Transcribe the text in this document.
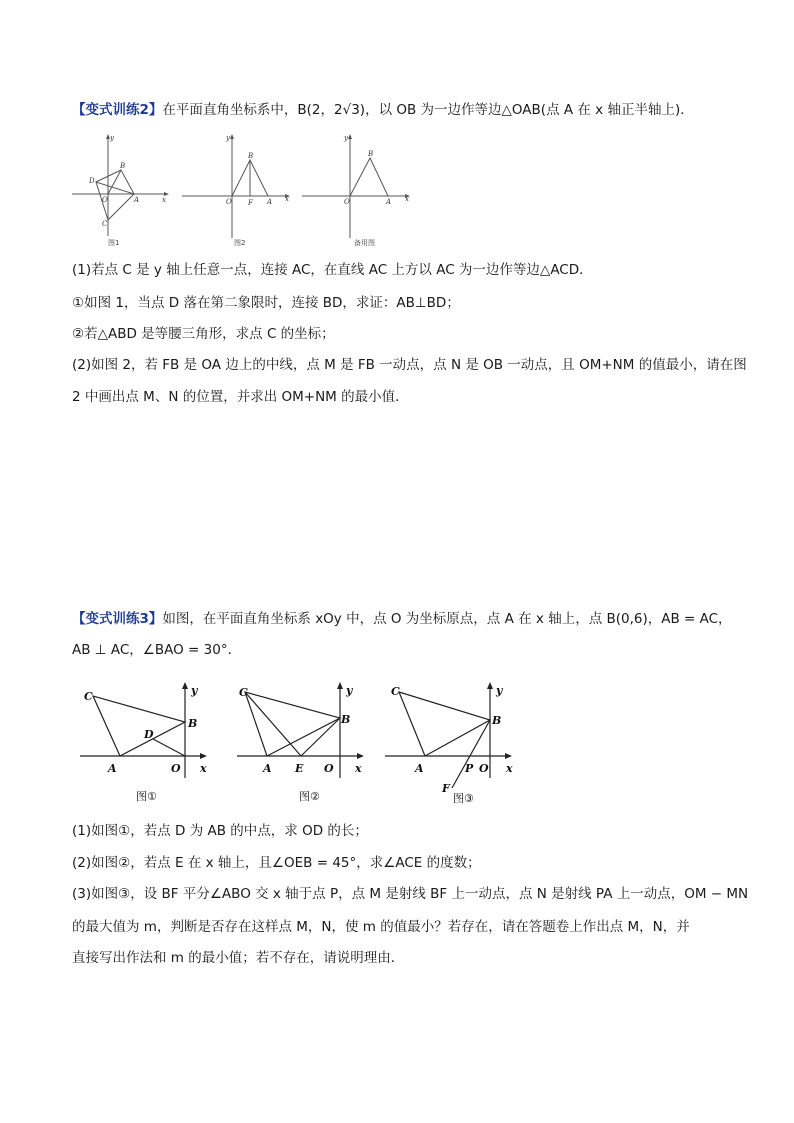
【变式训练2】在平面直角坐标系中，B(2，2√3)，以 OB 为一边作等边△OAB(点 A 在 x 轴正半轴上)．
y
x
B
D
O	A
C
图1
y
x
B
O F A
图2
y
x
B
O	A
备用图
(1)若点 C 是 y 轴上任意一点，连接 AC，在直线 AC 上方以 AC 为一边作等边△ACD．
①如图 1，当点 D 落在第二象限时，连接 BD，求证：AB⊥BD；
②若△ABD 是等腰三角形，求点 C 的坐标；
(2)如图 2，若 FB 是 OA 边上的中线，点 M 是 FB 一动点，点 N 是 OB 一动点，且 OM+NM 的值最小，请在图
2 中画出点 M、N 的位置，并求出 OM+NM 的最小值．
【变式训练3】如图，在平面直角坐标系 xOy 中，点 O 为坐标原点，点 A 在 x 轴上，点 B(0,6)，AB = AC，
AB ⊥ AC，∠BAO = 30°．
C	y
B
D
A	O x
图①
C	y
B
A E O x
图②
C	y
B
A	P O x
F
图③
(1)如图①，若点 D 为 AB 的中点，求 OD 的长；
(2)如图②，若点 E 在 x 轴上，且∠OEB = 45°，求∠ACE 的度数；
(3)如图③，设 BF 平分∠ABO 交 x 轴于点 P，点 M 是射线 BF 上一动点，点 N 是射线 PA 上一动点，OM − MN
的最大值为 m，判断是否存在这样点 M，N，使 m 的值最小？若存在，请在答题卷上作出点 M，N，并
直接写出作法和 m 的最小值；若不存在，请说明理由．
